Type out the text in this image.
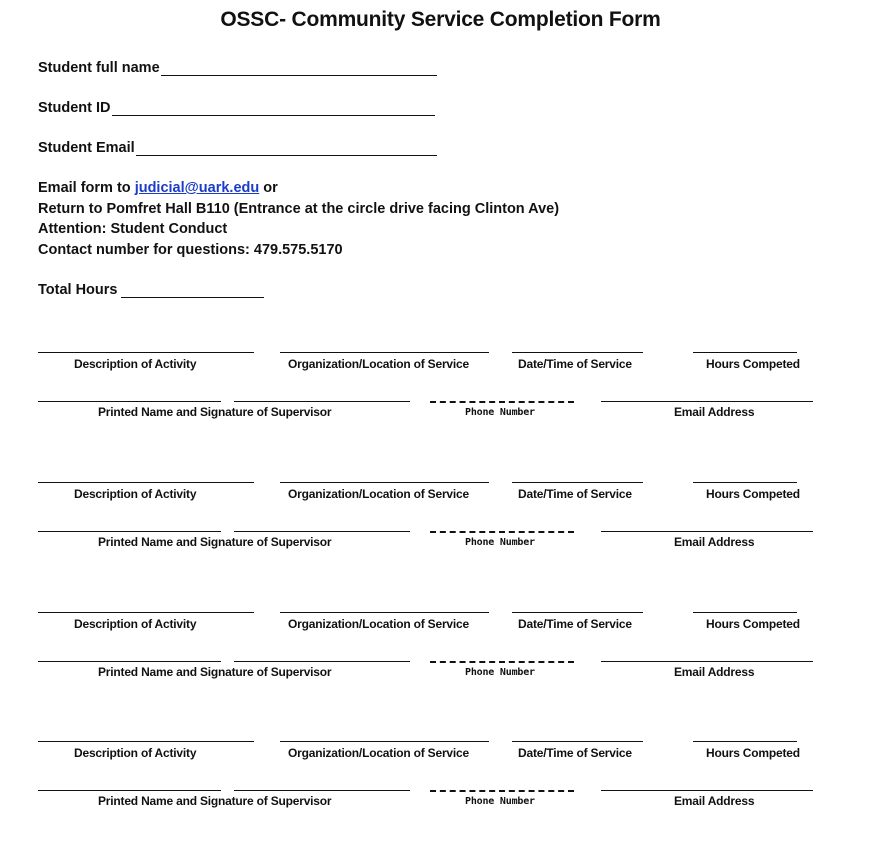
OSSC- Community Service Completion Form
Student full name
Student ID
Student Email
Email form to judicial@uark.edu or
Return to Pomfret Hall B110 (Entrance at the circle drive facing Clinton Ave)
Attention: Student Conduct
Contact number for questions: 479.575.5170
Total Hours
Description of Activity	Organization/Location of Service	Date/Time of Service	Hours Competed
Printed Name and Signature of Supervisor	Phone Number	Email Address
Description of Activity	Organization/Location of Service	Date/Time of Service	Hours Competed
Printed Name and Signature of Supervisor	Phone Number	Email Address
Description of Activity	Organization/Location of Service	Date/Time of Service	Hours Competed
Printed Name and Signature of Supervisor	Phone Number	Email Address
Description of Activity	Organization/Location of Service	Date/Time of Service	Hours Competed
Printed Name and Signature of Supervisor	Phone Number	Email Address
